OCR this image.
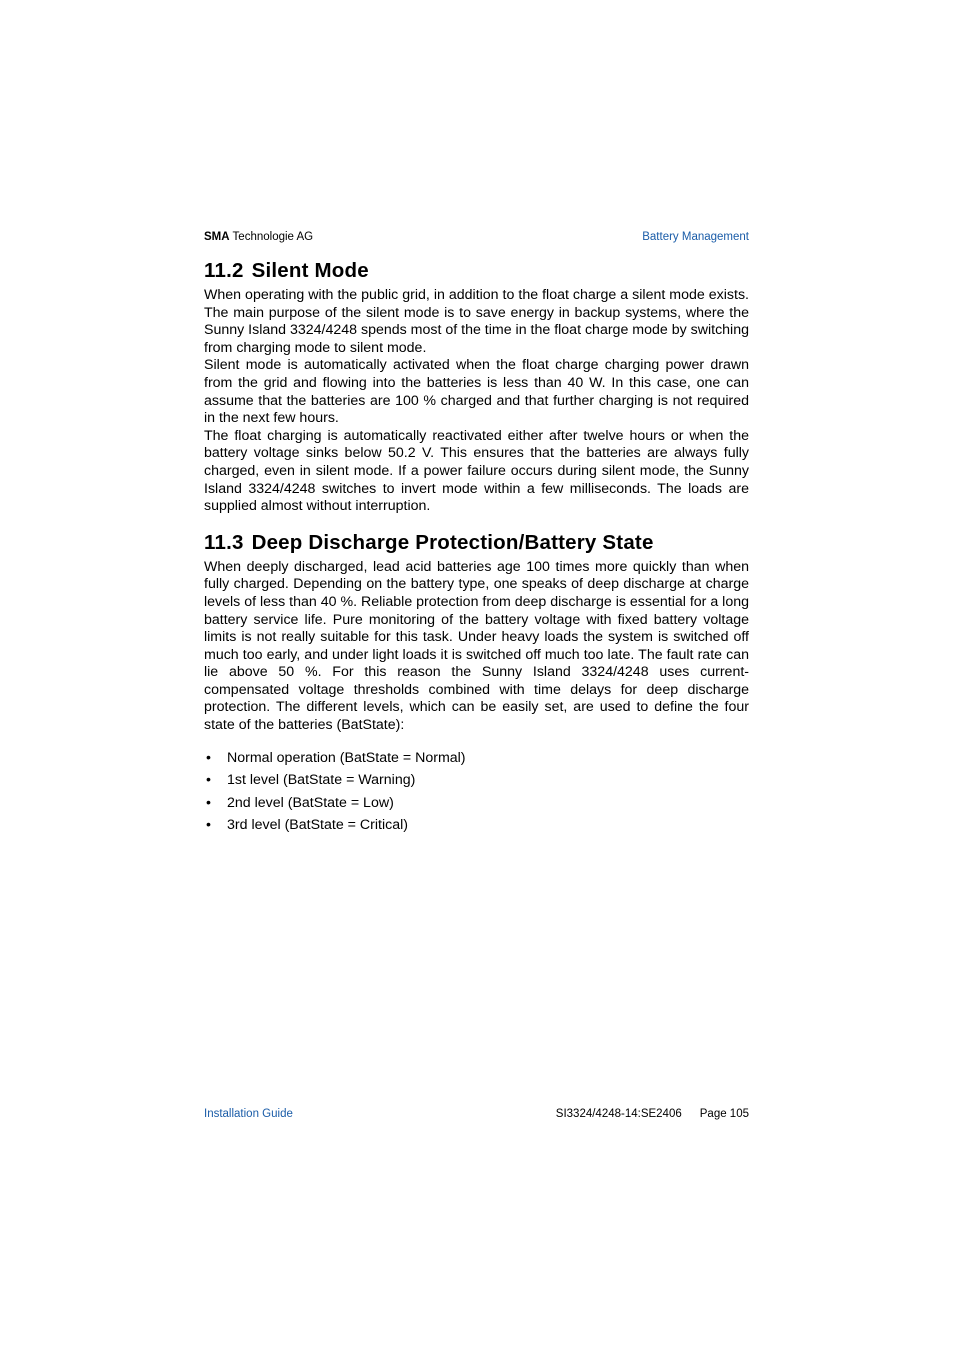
SMA Technologie AG	Battery Management
11.2 Silent Mode

When operating with the public grid, in addition to the float charge a silent mode exists. The main purpose of the silent mode is to save energy in backup systems, where the Sunny Island 3324/4248 spends most of the time in the float charge mode by switching from charging mode to silent mode.

Silent mode is automatically activated when the float charge charging power drawn from the grid and flowing into the batteries is less than 40 W. In this case, one can assume that the batteries are 100 % charged and that further charging is not required in the next few hours.

The float charging is automatically reactivated either after twelve hours or when the battery voltage sinks below 50.2 V. This ensures that the batteries are always fully charged, even in silent mode. If a power failure occurs during silent mode, the Sunny Island 3324/4248 switches to invert mode within a few milliseconds. The loads are supplied almost without interruption.

11.3 Deep Discharge Protection/Battery State

When deeply discharged, lead acid batteries age 100 times more quickly than when fully charged. Depending on the battery type, one speaks of deep discharge at charge levels of less than 40 %. Reliable protection from deep discharge is essential for a long battery service life. Pure monitoring of the battery voltage with fixed battery voltage limits is not really suitable for this task. Under heavy loads the system is switched off much too early, and under light loads it is switched off much too late. The fault rate can lie above 50 %. For this reason the Sunny Island 3324/4248 uses current-compensated voltage thresholds combined with time delays for deep discharge protection. The different levels, which can be easily set, are used to define the four state of the batteries (BatState):

• Normal operation (BatState = Normal)
• 1st level (BatState = Warning)
• 2nd level (BatState = Low)
• 3rd level (BatState = Critical)
Installation Guide	SI3324/4248-14:SE2406 Page 105
